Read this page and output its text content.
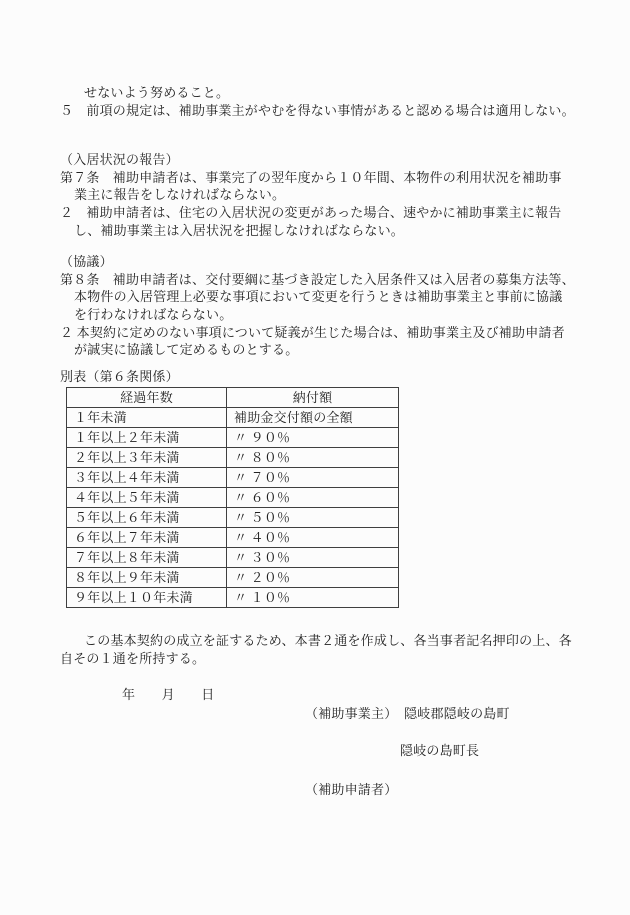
せないよう努めること。
５　前項の規定は、補助事業主がやむを得ない事情があると認める場合は適用しない。
（入居状況の報告）
第７条　補助申請者は、事業完了の翌年度から１０年間、本物件の利用状況を補助事
業主に報告をしなければならない。
２　補助申請者は、住宅の入居状況の変更があった場合、速やかに補助事業主に報告
し、補助事業主は入居状況を把握しなければならない。
（協議）
第８条　補助申請者は、交付要綱に基づき設定した入居条件又は入居者の募集方法等、
本物件の入居管理上必要な事項において変更を行うときは補助事業主と事前に協議
を行わなければならない。
２ 本契約に定めのない事項について疑義が生じた場合は、補助事業主及び補助申請者
が誠実に協議して定めるものとする。
別表（第６条関係）
経過年数	納付額
１年未満	補助金交付額の全額
１年以上２年未満	〃 ９０％
２年以上３年未満	〃 ８０％
３年以上４年未満	〃 ７０％
４年以上５年未満	〃 ６０％
５年以上６年未満	〃 ５０％
６年以上７年未満	〃 ４０％
７年以上８年未満	〃 ３０％
８年以上９年未満	〃 ２０％
９年以上１０年未満	〃 １０％
この基本契約の成立を証するため、本書２通を作成し、各当事者記名押印の上、各
自その１通を所持する。
年　　月　　日
（補助事業主）　隠岐郡隠岐の島町
隠岐の島町長
（補助申請者）
